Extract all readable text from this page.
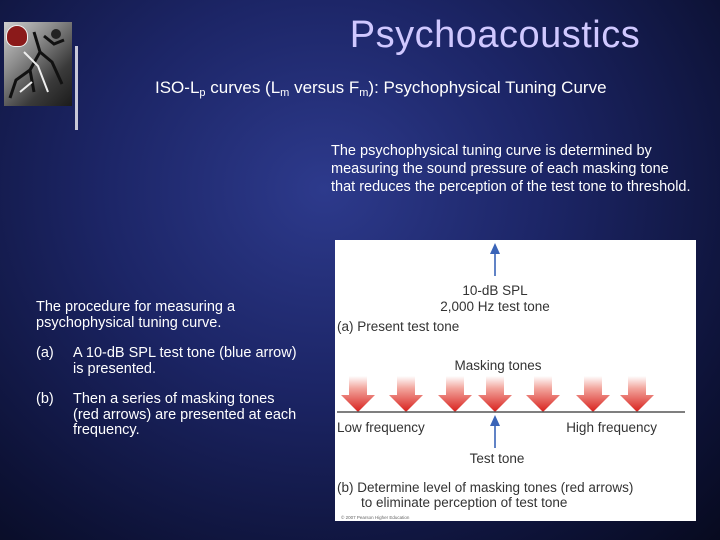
Psychoacoustics
ISO-$L_p$ curves ($L_m$ versus $F_m$): Psychophysical Tuning Curve
The psychophysical tuning curve is determined by measuring the sound pressure of each masking tone that reduces the perception of the test tone to threshold.
The procedure for measuring a psychophysical tuning curve.
(a) A 10-dB SPL test tone (blue arrow) is presented.
(b) Then a series of masking tones (red arrows) are presented at each frequency.
10-dB SPL
2,000 Hz test tone
(a) Present test tone
Masking tones
Low frequency	High frequency
Test tone
(b) Determine level of masking tones (red arrows)
to eliminate perception of test tone
© 2007 Pearson Higher Education
